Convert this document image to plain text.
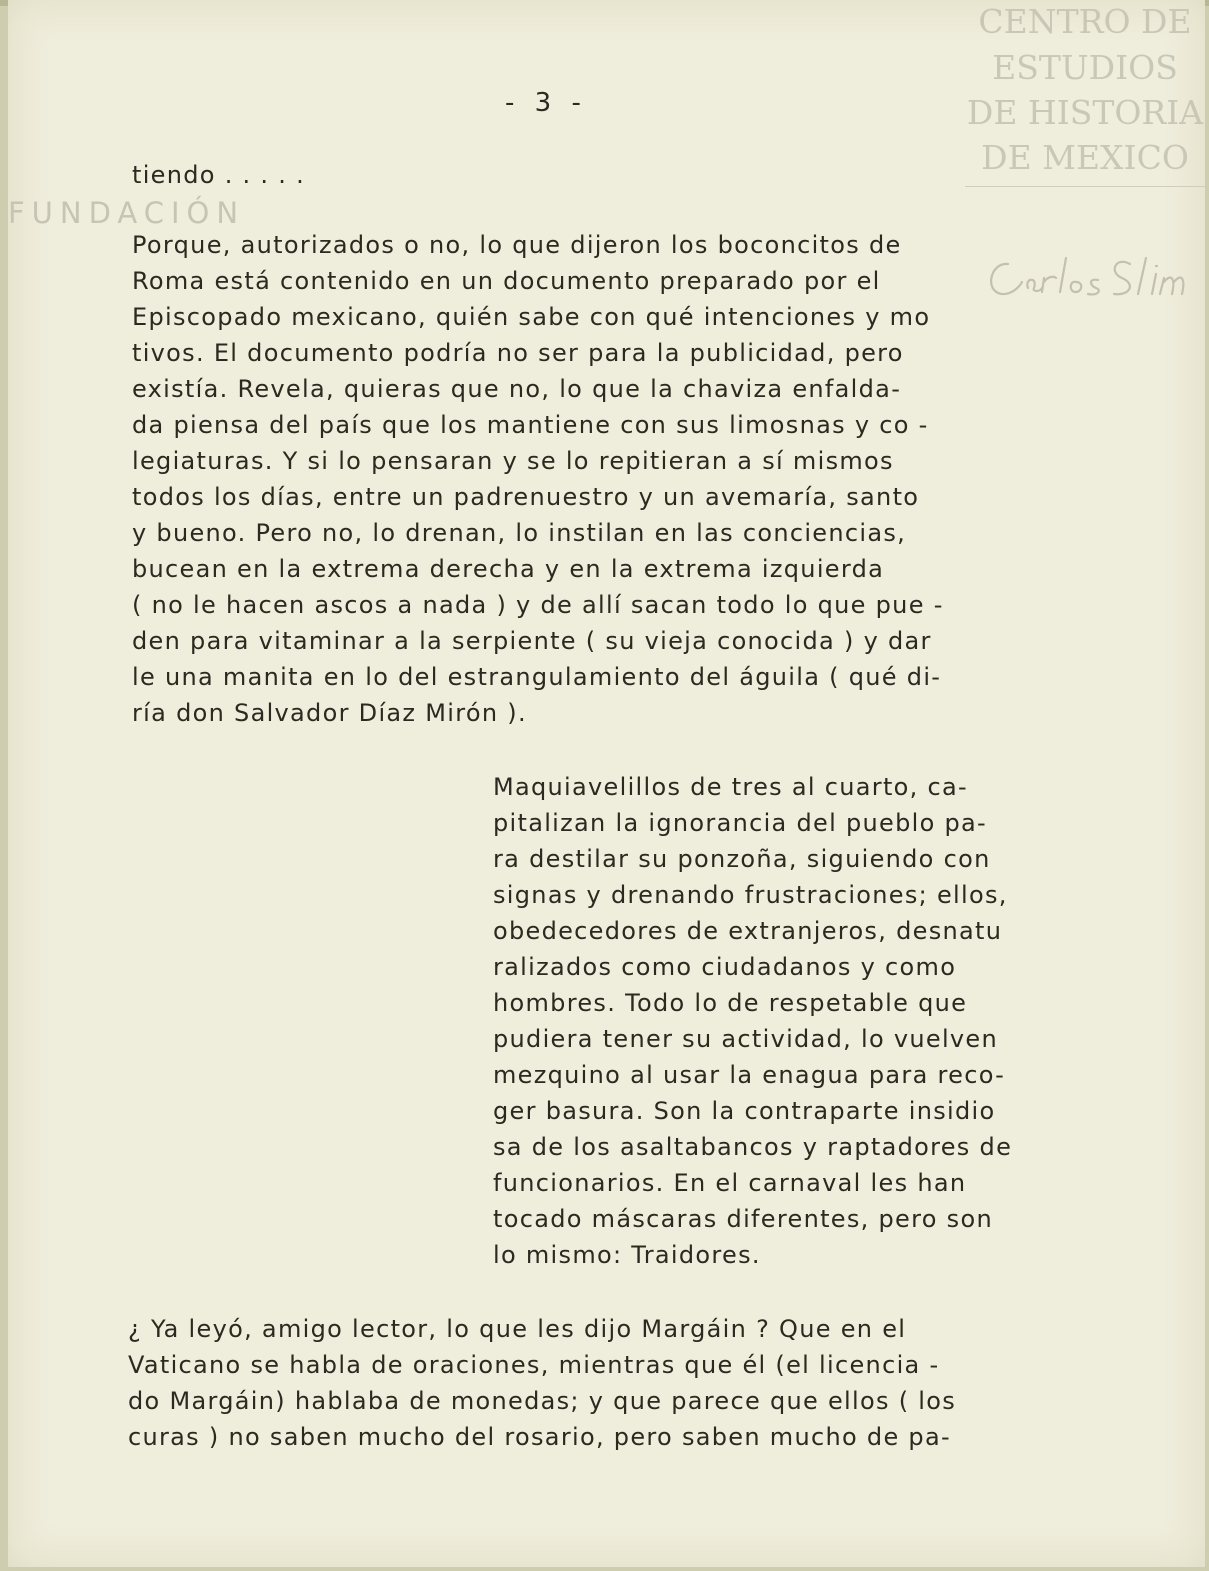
CENTRO DE
ESTUDIOS
DE HISTORIA
DE MEXICO
FUNDACIÓN
- 3 -
tiendo . . . . .
Porque, autorizados o no, lo que dijeron los boconcitos de
Roma está contenido en un documento preparado por el
Episcopado mexicano, quién sabe con qué intenciones y mo
tivos. El documento podría no ser para la publicidad, pero
existía. Revela, quieras que no, lo que la chaviza enfalda-
da piensa del país que los mantiene con sus limosnas y co -
legiaturas. Y si lo pensaran y se lo repitieran a sí mismos
todos los días, entre un padrenuestro y un avemaría, santo
y bueno. Pero no, lo drenan, lo instilan en las conciencias,
bucean en la extrema derecha y en la extrema izquierda
( no le hacen ascos a nada ) y de allí sacan todo lo que pue -
den para vitaminar a la serpiente ( su vieja conocida ) y dar
le una manita en lo del estrangulamiento del águila ( qué di-
ría don Salvador Díaz Mirón ).
Maquiavelillos de tres al cuarto, ca-
pitalizan la ignorancia del pueblo pa-
ra destilar su ponzoña, siguiendo con
signas y drenando frustraciones; ellos,
obedecedores de extranjeros, desnatu
ralizados como ciudadanos y como
hombres. Todo lo de respetable que
pudiera tener su actividad, lo vuelven
mezquino al usar la enagua para reco-
ger basura. Son la contraparte insidio
sa de los asaltabancos y raptadores de
funcionarios. En el carnaval les han
tocado máscaras diferentes, pero son
lo mismo: Traidores.
¿ Ya leyó, amigo lector, lo que les dijo Margáin ? Que en el
Vaticano se habla de oraciones, mientras que él (el licencia -
do Margáin) hablaba de monedas; y que parece que ellos ( los
curas ) no saben mucho del rosario, pero saben mucho de pa-
